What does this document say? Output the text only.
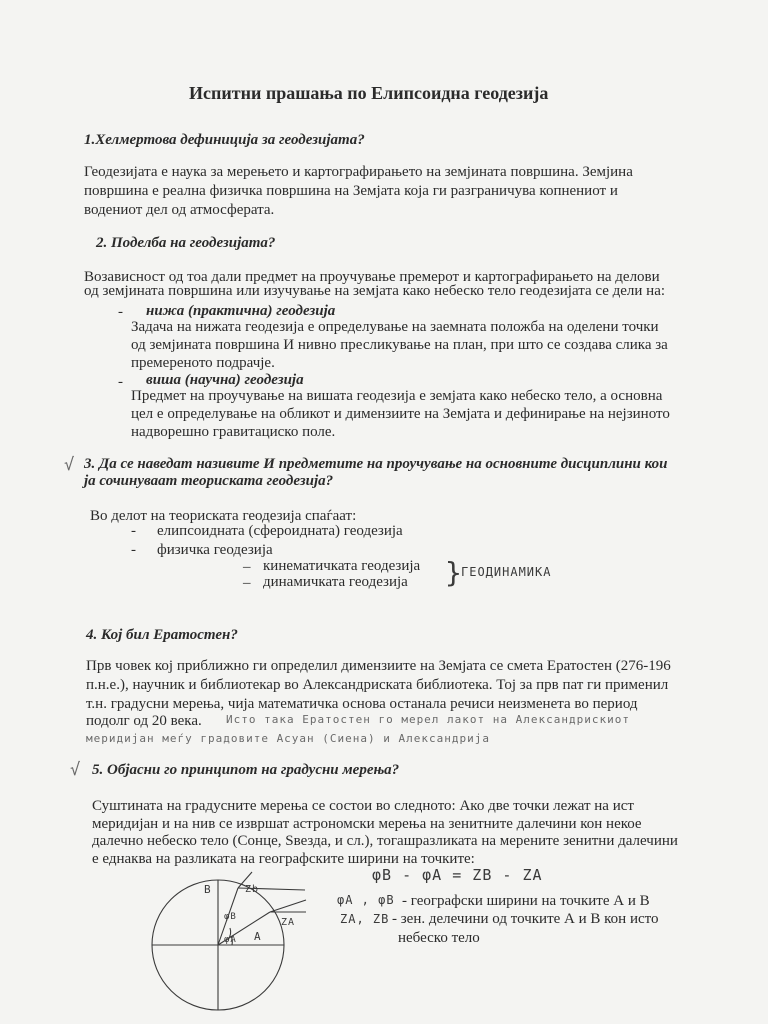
Испитни прашања по Елипсоидна геодезија
1.Хелмертова дефиниција за геодезијата?
Геодезијата е наука за мерењето и картографирањето на земјината површина. Земјина
површина е реална физичка површина на Земјата која ги разграничува копнениот и
водениот дел од атмосферата.
2. Поделба на геодезијата?
Возависност од тоа дали предмет на проучување премерот и картографирањето на делови
од земјината површина или изучување на земјата како небеско тело геодезијата се дели на:
- нижа (практична) геодезија
Задача на нижата геодезија е определување на заемната положба на оделени точки
од земјината површина И нивно пресликување на план, при што се создава слика за
премереното подрачје.
- виша (научна) геодезија
Предмет на проучување на вишата геодезија е земјата како небеско тело, а основна
цел е определување на обликот и димензиите на Земјата и дефинирање на нејзиното
надворешно гравитациско поле.
√ 3. Да се наведат називите И предметите на проучување на основните дисциплини кои
ја сочинуваат теориската геодезија?
Во делот на теориската геодезија спаѓаат:
- елипсоидната (сфероидната) геодезија
- физичка геодезија
– кинематичката геодезија
– динамичката геодезија }
ГЕОДИНАМИКА
4. Кој бил Ератостен?
Прв човек кој приближно ги определил димензиите на Земјата се смета Ератостен (276-196
п.н.е.), научник и библиотекар во Александриската библиотека. Тој за прв пат ги применил
т.н. градусни мерења, чија математичка основа останала речиси неизменета во период
подолг од 20 века. Исто така Ератостен го мерел лакот на Александрискиот
меридијан меѓу градовите Асуан (Сиена) и Александрија
√ 5. Објасни го принципот на градусни мерења?
Суштината на градусните мерења се состои во следното: Ако две точки лежат на ист
меридијан и на нив се извршат астрономски мерења на зенитните далечини кон некое
далечно небеско тело (Сонце, Ѕвезда, и сл.), тогашразликата на мерените зенитни далечини
е еднаква на разликата на географските ширини на точките:
φB - φA = ZB - ZA
φA , φB - географски ширини на точките А и В
ZA, ZB - зен. делечини од точките А и В кон исто
небеско тело
B	Zb
ZA
φB
φA A
